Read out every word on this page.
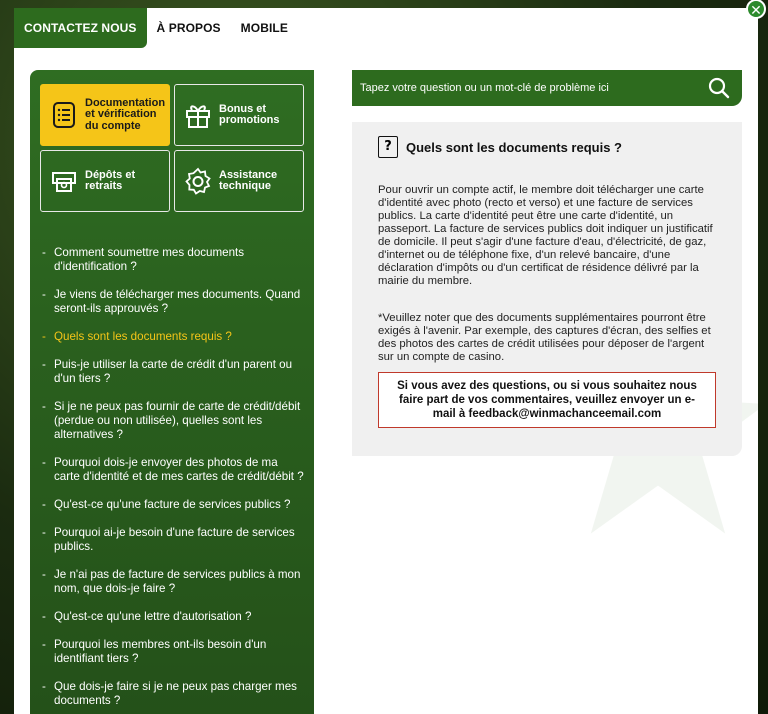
CONTACTEZ NOUS	À PROPOS	MOBILE
Documentation et vérification du compte
Bonus et promotions
Dépôts et retraits
Assistance technique
- Comment soumettre mes documents d'identification ?
- Je viens de télécharger mes documents. Quand seront-ils approuvés ?
- Quels sont les documents requis ?
- Puis-je utiliser la carte de crédit d'un parent ou d'un tiers ?
- Si je ne peux pas fournir de carte de crédit/débit (perdue ou non utilisée), quelles sont les alternatives ?
- Pourquoi dois-je envoyer des photos de ma carte d'identité et de mes cartes de crédit/débit ?
- Qu'est-ce qu'une facture de services publics ?
- Pourquoi ai-je besoin d'une facture de services publics.
- Je n'ai pas de facture de services publics à mon nom, que dois-je faire ?
- Qu'est-ce qu'une lettre d'autorisation ?
- Pourquoi les membres ont-ils besoin d'un identifiant tiers ?
- Que dois-je faire si je ne peux pas charger mes documents ?
Tapez votre question ou un mot-clé de problème ici
?	Quels sont les documents requis ?

Pour ouvrir un compte actif, le membre doit télécharger une carte d'identité avec photo (recto et verso) et une facture de services publics. La carte d'identité peut être une carte d'identité, un passeport. La facture de services publics doit indiquer un justificatif de domicile. Il peut s'agir d'une facture d'eau, d'électricité, de gaz, d'internet ou de téléphone fixe, d'un relevé bancaire, d'une déclaration d'impôts ou d'un certificat de résidence délivré par la mairie du membre.

*Veuillez noter que des documents supplémentaires pourront être exigés à l'avenir. Par exemple, des captures d'écran, des selfies et des photos des cartes de crédit utilisées pour déposer de l'argent sur un compte de casino.

Si vous avez des questions, ou si vous souhaitez nous faire part de vos commentaires, veuillez envoyer un e-mail à feedback@winmachanceemail.com
✕
